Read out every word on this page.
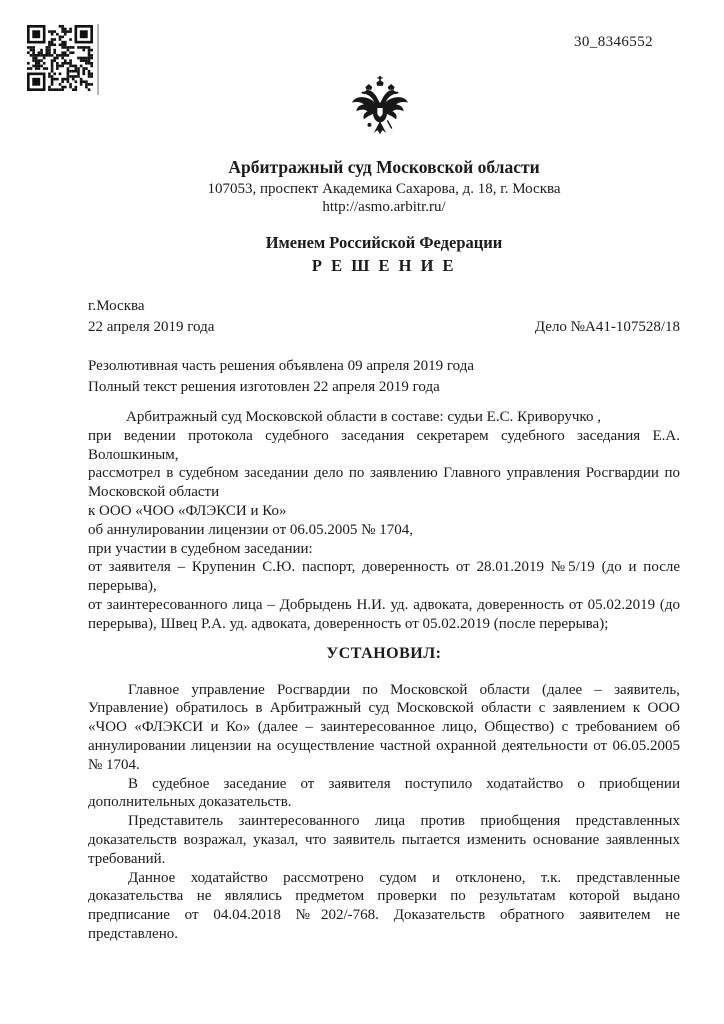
30_8346552
Арбитражный суд Московской области
107053, проспект Академика Сахарова, д. 18, г. Москва
http://asmo.arbitr.ru/
Именем Российской Федерации
Р Е Ш Е Н И Е
г.Москва
22 апреля 2019 года	Дело №А41-107528/18
Резолютивная часть решения объявлена 09 апреля 2019 года
Полный текст решения изготовлен 22 апреля 2019 года

Арбитражный суд Московской области в составе: судьи Е.С. Криворучко ,

при ведении протокола судебного заседания секретарем судебного заседания Е.А. Волошкиным,

рассмотрел в судебном заседании дело по заявлению Главного управления Росгвардии по Московской области

к ООО «ЧОО «ФЛЭКСИ и Ко»

об аннулировании лицензии от 06.05.2005 № 1704,

при участии в судебном заседании:

от заявителя – Крупенин С.Ю. паспорт, доверенность от 28.01.2019 №5/19 (до и после перерыва),

от заинтересованного лица – Добрыдень Н.И. уд. адвоката, доверенность от 05.02.2019 (до перерыва), Швец Р.А. уд. адвоката, доверенность от 05.02.2019 (после перерыва);

УСТАНОВИЛ:

Главное управление Росгвардии по Московской области (далее – заявитель, Управление) обратилось в Арбитражный суд Московской области с заявлением к ООО «ЧОО «ФЛЭКСИ и Ко» (далее – заинтересованное лицо, Общество) с требованием об аннулировании лицензии на осуществление частной охранной деятельности от 06.05.2005 № 1704.

В судебное заседание от заявителя поступило ходатайство о приобщении дополнительных доказательств.

Представитель заинтересованного лица против приобщения представленных доказательств возражал, указал, что заявитель пытается изменить основание заявленных требований.

Данное ходатайство рассмотрено судом и отклонено, т.к. представленные доказательства не являлись предметом проверки по результатам которой выдано предписание от 04.04.2018 №202/-768. Доказательств обратного заявителем не представлено.
